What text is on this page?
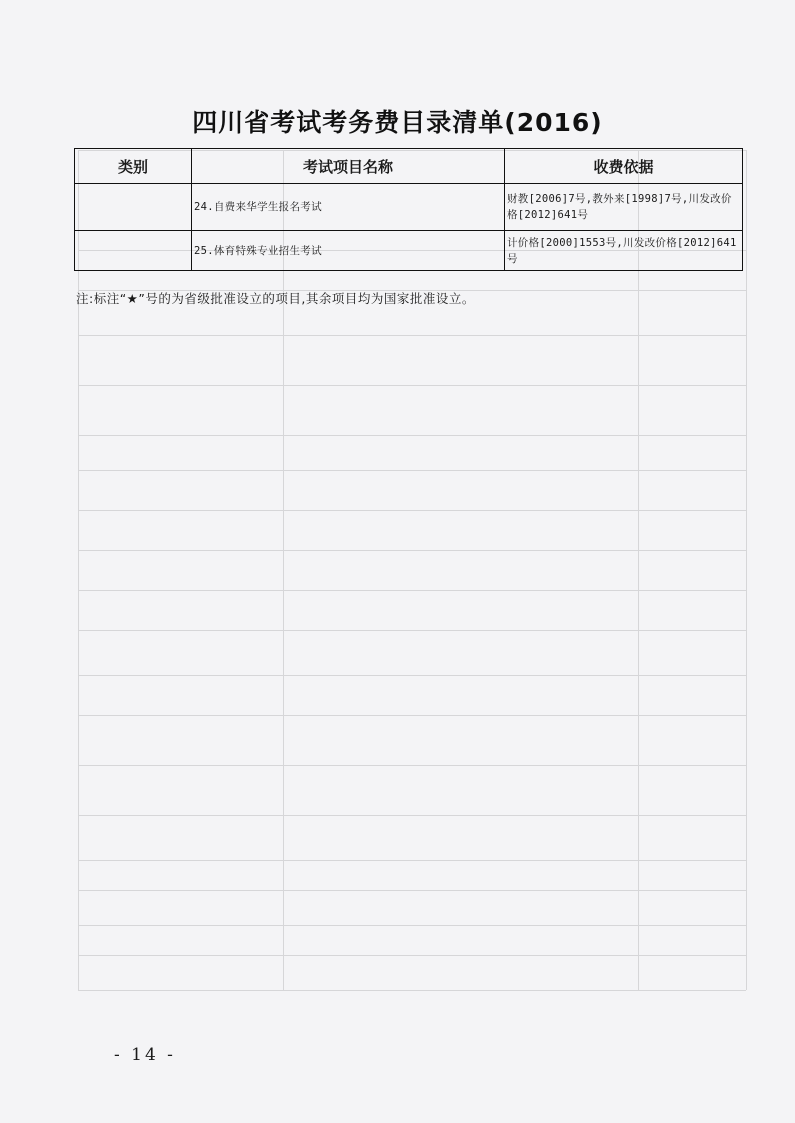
四川省考试考务费目录清单(2016)
类别	考试项目名称	收费依据
	24.自费来华学生报名考试	财教[2006]7号,教外来[1998]7号,川发改价格[2012]641号
	25.体育特殊专业招生考试	计价格[2000]1553号,川发改价格[2012]641号
注:标注“★”号的为省级批准设立的项目,其余项目均为国家批准设立。
- 14 -
